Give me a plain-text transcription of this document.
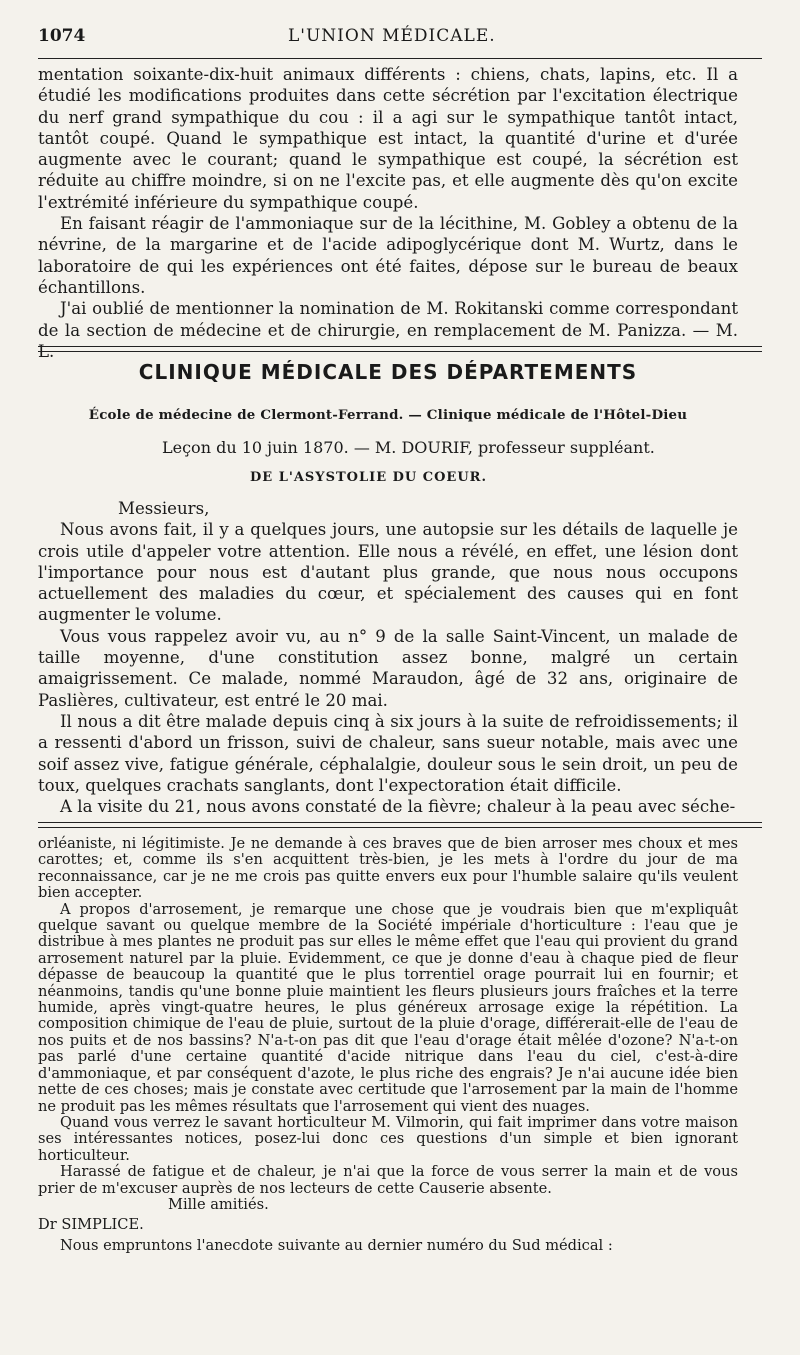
1074	L'UNION MÉDICALE.

mentation soixante-dix-huit animaux différents : chiens, chats, lapins, etc. Il a étudié les modifications produites dans cette sécrétion par l'excitation électrique du nerf grand sympathique du cou : il a agi sur le sympathique tantôt intact, tantôt coupé. Quand le sympathique est intact, la quantité d'urine et d'urée augmente avec le courant; quand le sympathique est coupé, la sécrétion est réduite au chiffre moindre, si on ne l'excite pas, et elle augmente dès qu'on excite l'extrémité inférieure du sympathique coupé.

En faisant réagir de l'ammoniaque sur de la lécithine, M. Gobley a obtenu de la névrine, de la margarine et de l'acide adipoglycérique dont M. Wurtz, dans le laboratoire de qui les expériences ont été faites, dépose sur le bureau de beaux échantillons.

J'ai oublié de mentionner la nomination de M. Rokitanski comme correspondant de la section de médecine et de chirurgie, en remplacement de M. Panizza. — M. L.

CLINIQUE MÉDICALE DES DÉPARTEMENTS
École de médecine de Clermont-Ferrand. — Clinique médicale de l'Hôtel-Dieu
Leçon du 10 juin 1870. — M. DOURIF, professeur suppléant.
DE L'ASYSTOLIE DU COEUR.

Messieurs,

Nous avons fait, il y a quelques jours, une autopsie sur les détails de laquelle je crois utile d'appeler votre attention. Elle nous a révélé, en effet, une lésion dont l'importance pour nous est d'autant plus grande, que nous nous occupons actuellement des maladies du cœur, et spécialement des causes qui en font augmenter le volume.

Vous vous rappelez avoir vu, au n° 9 de la salle Saint-Vincent, un malade de taille moyenne, d'une constitution assez bonne, malgré un certain amaigrissement. Ce malade, nommé Maraudon, âgé de 32 ans, originaire de Paslières, cultivateur, est entré le 20 mai.

Il nous a dit être malade depuis cinq à six jours à la suite de refroidissements; il a ressenti d'abord un frisson, suivi de chaleur, sans sueur notable, mais avec une soif assez vive, fatigue générale, céphalalgie, douleur sous le sein droit, un peu de toux, quelques crachats sanglants, dont l'expectoration était difficile.

A la visite du 21, nous avons constaté de la fièvre; chaleur à la peau avec séche-

orléaniste, ni légitimiste. Je ne demande à ces braves que de bien arroser mes choux et mes carottes; et, comme ils s'en acquittent très-bien, je les mets à l'ordre du jour de ma reconnaissance, car je ne me crois pas quitte envers eux pour l'humble salaire qu'ils veulent bien accepter.

A propos d'arrosement, je remarque une chose que je voudrais bien que m'expliquât quelque savant ou quelque membre de la Société impériale d'horticulture : l'eau que je distribue à mes plantes ne produit pas sur elles le même effet que l'eau qui provient du grand arrosement naturel par la pluie. Evidemment, ce que je donne d'eau à chaque pied de fleur dépasse de beaucoup la quantité que le plus torrentiel orage pourrait lui en fournir; et néanmoins, tandis qu'une bonne pluie maintient les fleurs plusieurs jours fraîches et la terre humide, après vingt-quatre heures, le plus généreux arrosage exige la répétition. La composition chimique de l'eau de pluie, surtout de la pluie d'orage, différerait-elle de l'eau de nos puits et de nos bassins? N'a-t-on pas dit que l'eau d'orage était mêlée d'ozone? N'a-t-on pas parlé d'une certaine quantité d'acide nitrique dans l'eau du ciel, c'est-à-dire d'ammoniaque, et par conséquent d'azote, le plus riche des engrais? Je n'ai aucune idée bien nette de ces choses; mais je constate avec certitude que l'arrosement par la main de l'homme ne produit pas les mêmes résultats que l'arrosement qui vient des nuages.

Quand vous verrez le savant horticulteur M. Vilmorin, qui fait imprimer dans votre maison ses intéressantes notices, posez-lui donc ces questions d'un simple et bien ignorant horticulteur.

Harassé de fatigue et de chaleur, je n'ai que la force de vous serrer la main et de vous prier de m'excuser auprès de nos lecteurs de cette Causerie absente.

Mille amitiés.

Dr SIMPLICE.

Nous empruntons l'anecdote suivante au dernier numéro du Sud médical :
